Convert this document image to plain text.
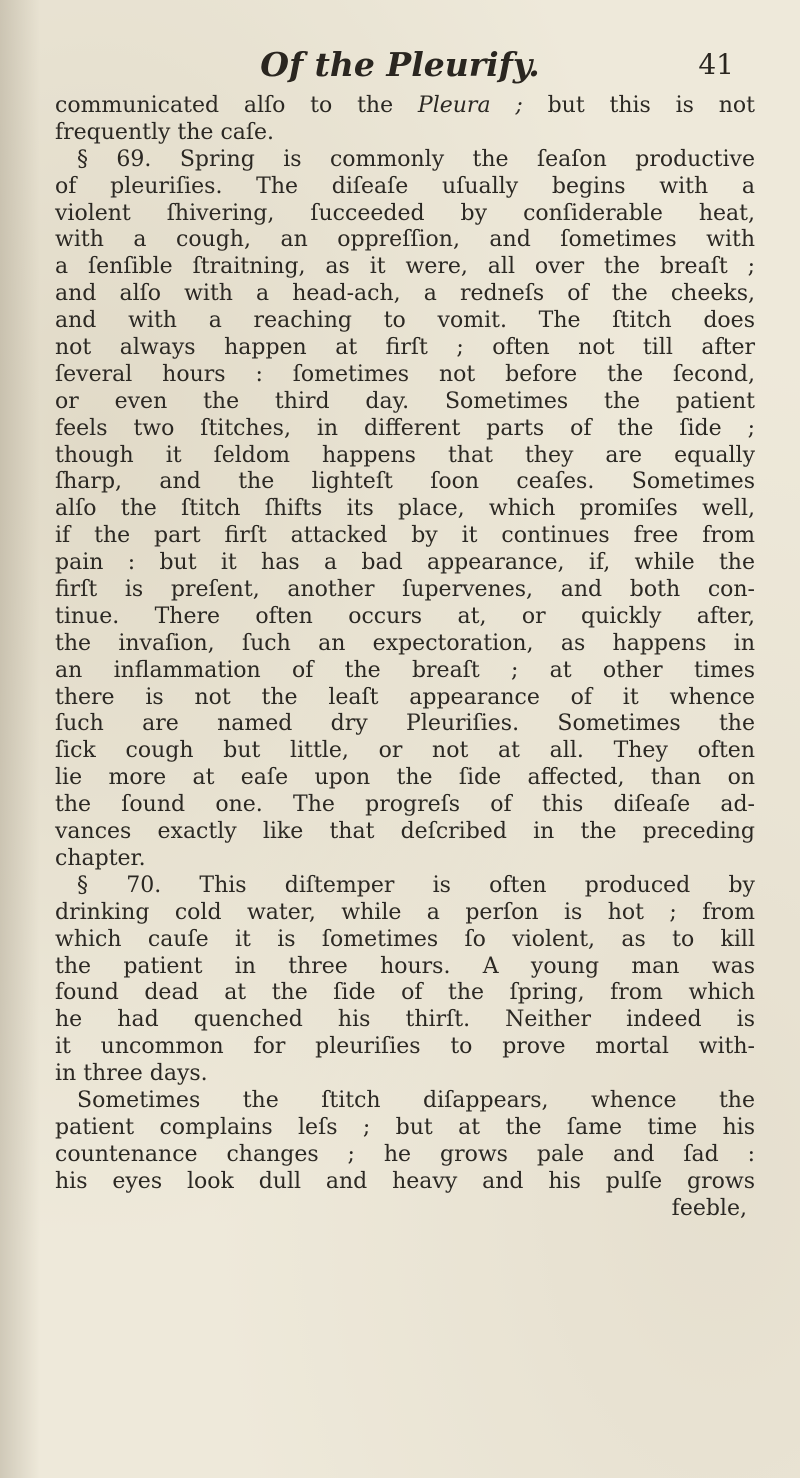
Of the Pleurify.	41
communicated alſo to the Pleura ; but this is not
frequently the caſe.
§ 69. Spring is commonly the ſeaſon productive
of pleuriſies. The diſeaſe uſually begins with a
violent ſhivering, ſucceeded by conſiderable heat,
with a cough, an oppreſſion, and ſometimes with
a ſenſible ſtraitning, as it were, all over the breaſt ;
and alſo with a head-ach, a redneſs of the cheeks,
and with a reaching to vomit. The ſtitch does
not always happen at firſt ; often not till after
ſeveral hours : ſometimes not before the ſecond,
or even the third day. Sometimes the patient
feels two ſtitches, in different parts of the ſide ;
though it ſeldom happens that they are equally
ſharp, and the lighteſt ſoon ceaſes. Sometimes
alſo the ſtitch ſhifts its place, which promiſes well,
if the part firſt attacked by it continues free from
pain : but it has a bad appearance, if, while the
firſt is preſent, another ſupervenes, and both con-
tinue. There often occurs at, or quickly after,
the invaſion, ſuch an expectoration, as happens in
an inflammation of the breaſt ; at other times
there is not the leaſt appearance of it whence
ſuch are named dry Pleuriſies. Sometimes the
ſick cough but little, or not at all. They often
lie more at eaſe upon the ſide affected, than on
the ſound one. The progreſs of this diſeaſe ad-
vances exactly like that deſcribed in the preceding
chapter.
§ 70. This diſtemper is often produced by
drinking cold water, while a perſon is hot ; from
which cauſe it is ſometimes ſo violent, as to kill
the patient in three hours. A young man was
found dead at the ſide of the ſpring, from which
he had quenched his thirſt. Neither indeed is
it uncommon for pleuriſies to prove mortal with-
in three days.
Sometimes the ſtitch diſappears, whence the
patient complains leſs ; but at the ſame time his
countenance changes ; he grows pale and ſad :
his eyes look dull and heavy and his pulſe grows
feeble,
